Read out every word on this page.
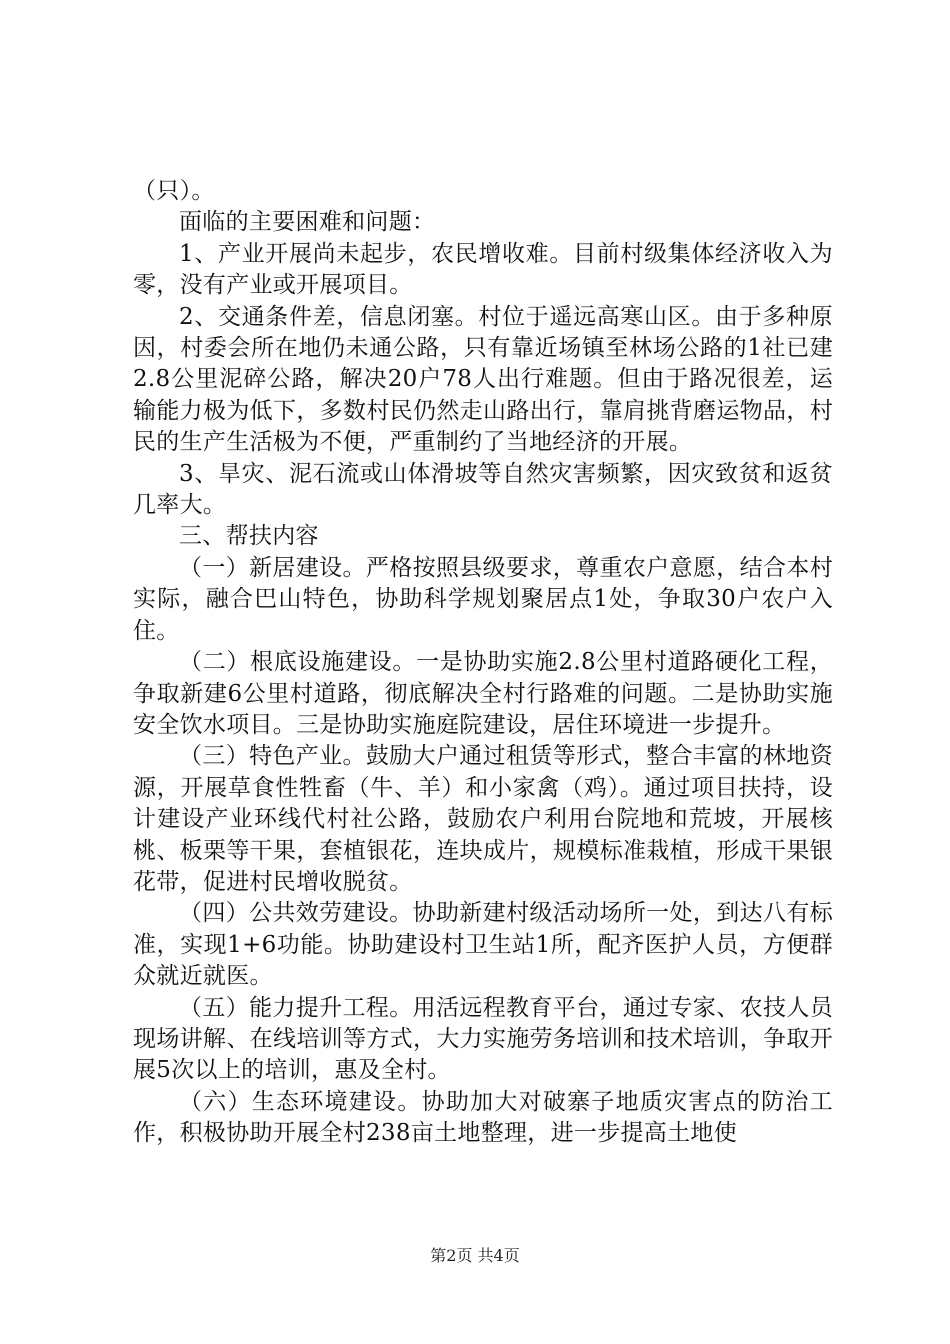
（只）。

面临的主要困难和问题：

1、产业开展尚未起步，农民增收难。目前村级集体经济收入为零，没有产业或开展项目。

2、交通条件差，信息闭塞。村位于遥远高寒山区。由于多种原因，村委会所在地仍未通公路，只有靠近场镇至林场公路的1社已建2.8公里泥碎公路，解决20户78人出行难题。但由于路况很差，运输能力极为低下，多数村民仍然走山路出行，靠肩挑背磨运物品，村民的生产生活极为不便，严重制约了当地经济的开展。

3、旱灾、泥石流或山体滑坡等自然灾害频繁，因灾致贫和返贫几率大。

三、帮扶内容

（一）新居建设。严格按照县级要求，尊重农户意愿，结合本村实际，融合巴山特色，协助科学规划聚居点1处，争取30户农户入住。

（二）根底设施建设。一是协助实施2.8公里村道路硬化工程，争取新建6公里村道路，彻底解决全村行路难的问题。二是协助实施安全饮水项目。三是协助实施庭院建设，居住环境进一步提升。

（三）特色产业。鼓励大户通过租赁等形式，整合丰富的林地资源，开展草食性牲畜（牛、羊）和小家禽（鸡）。通过项目扶持，设计建设产业环线代村社公路，鼓励农户利用台院地和荒坡，开展核桃、板栗等干果，套植银花，连块成片，规模标准栽植，形成干果银花带，促进村民增收脱贫。

（四）公共效劳建设。协助新建村级活动场所一处，到达八有标准，实现1+6功能。协助建设村卫生站1所，配齐医护人员，方便群众就近就医。

（五）能力提升工程。用活远程教育平台，通过专家、农技人员现场讲解、在线培训等方式，大力实施劳务培训和技术培训，争取开展5次以上的培训，惠及全村。

（六）生态环境建设。协助加大对破寨子地质灾害点的防治工作，积极协助开展全村238亩土地整理，进一步提高土地使

第2页 共4页
